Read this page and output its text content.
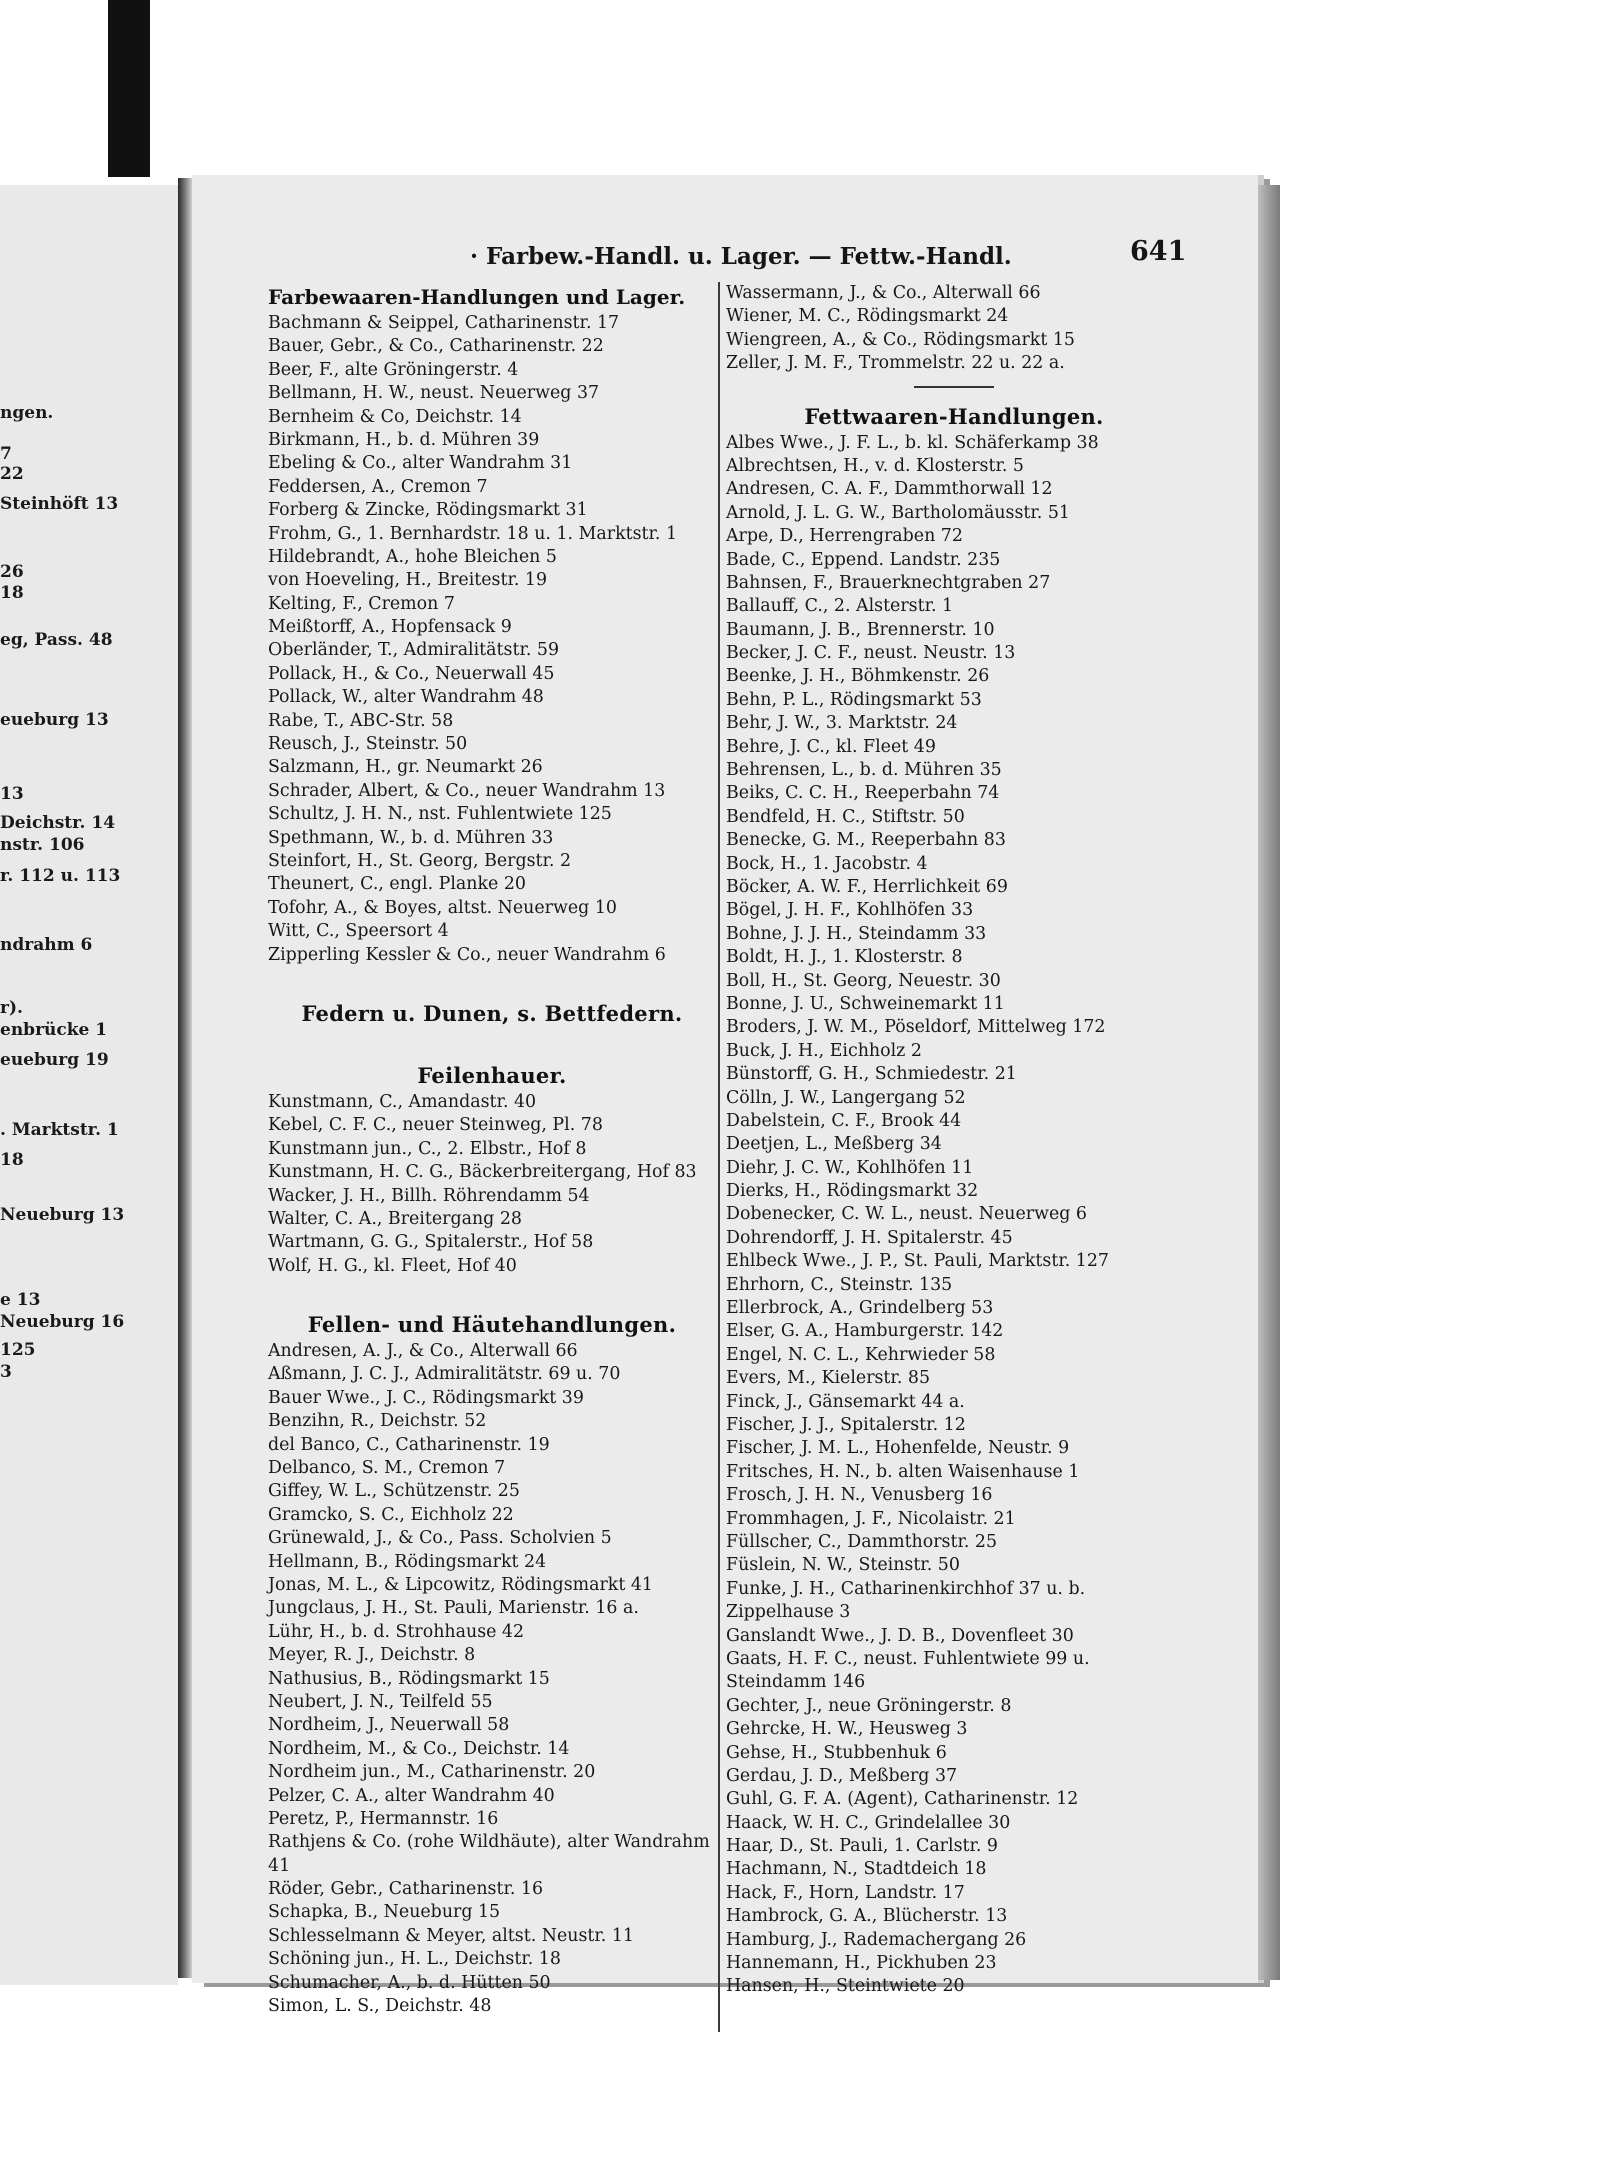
ngen.
7
22
Steinhöft 13
26
18
eg, Pass. 48
eueburg 13
13
Deichstr. 14
nstr. 106
r. 112 u. 113
ndrahm 6
r).
enbrücke 1
eueburg 19
. Marktstr. 1
18
Neueburg 13
e 13
Neueburg 16
125
3
· Farbew.-Handl. u. Lager. — Fettw.-Handl.	641
Farbewaaren-Handlungen und Lager.
Bachmann & Seippel, Catharinenstr. 17
Bauer, Gebr., & Co., Catharinenstr. 22
Beer, F., alte Gröningerstr. 4
Bellmann, H. W., neust. Neuerweg 37
Bernheim & Co, Deichstr. 14
Birkmann, H., b. d. Mühren 39
Ebeling & Co., alter Wandrahm 31
Feddersen, A., Cremon 7
Forberg & Zincke, Rödingsmarkt 31
Frohm, G., 1. Bernhardstr. 18 u. 1. Marktstr. 1
Hildebrandt, A., hohe Bleichen 5
von Hoeveling, H., Breitestr. 19
Kelting, F., Cremon 7
Meißtorff, A., Hopfensack 9
Oberländer, T., Admiralitätstr. 59
Pollack, H., & Co., Neuerwall 45
Pollack, W., alter Wandrahm 48
Rabe, T., ABC-Str. 58
Reusch, J., Steinstr. 50
Salzmann, H., gr. Neumarkt 26
Schrader, Albert, & Co., neuer Wandrahm 13
Schultz, J. H. N., nst. Fuhlentwiete 125
Spethmann, W., b. d. Mühren 33
Steinfort, H., St. Georg, Bergstr. 2
Theunert, C., engl. Planke 20
Tofohr, A., & Boyes, altst. Neuerweg 10
Witt, C., Speersort 4
Zipperling Kessler & Co., neuer Wandrahm 6
Federn u. Dunen, s. Bettfedern.
Feilenhauer.
Kunstmann, C., Amandastr. 40
Kebel, C. F. C., neuer Steinweg, Pl. 78
Kunstmann jun., C., 2. Elbstr., Hof 8
Kunstmann, H. C. G., Bäckerbreitergang, Hof 83
Wacker, J. H., Billh. Röhrendamm 54
Walter, C. A., Breitergang 28
Wartmann, G. G., Spitalerstr., Hof 58
Wolf, H. G., kl. Fleet, Hof 40
Fellen- und Häutehandlungen.
Andresen, A. J., & Co., Alterwall 66
Aßmann, J. C. J., Admiralitätstr. 69 u. 70
Bauer Wwe., J. C., Rödingsmarkt 39
Benzihn, R., Deichstr. 52
del Banco, C., Catharinenstr. 19
Delbanco, S. M., Cremon 7
Giffey, W. L., Schützenstr. 25
Gramcko, S. C., Eichholz 22
Grünewald, J., & Co., Pass. Scholvien 5
Hellmann, B., Rödingsmarkt 24
Jonas, M. L., & Lipcowitz, Rödingsmarkt 41
Jungclaus, J. H., St. Pauli, Marienstr. 16 a.
Lühr, H., b. d. Strohhause 42
Meyer, R. J., Deichstr. 8
Nathusius, B., Rödingsmarkt 15
Neubert, J. N., Teilfeld 55
Nordheim, J., Neuerwall 58
Nordheim, M., & Co., Deichstr. 14
Nordheim jun., M., Catharinenstr. 20
Pelzer, C. A., alter Wandrahm 40
Peretz, P., Hermannstr. 16
Rathjens & Co. (rohe Wildhäute), alter Wandrahm 41
Röder, Gebr., Catharinenstr. 16
Schapka, B., Neueburg 15
Schlesselmann & Meyer, altst. Neustr. 11
Schöning jun., H. L., Deichstr. 18
Schumacher, A., b. d. Hütten 50
Simon, L. S., Deichstr. 48
Wassermann, J., & Co., Alterwall 66
Wiener, M. C., Rödingsmarkt 24
Wiengreen, A., & Co., Rödingsmarkt 15
Zeller, J. M. F., Trommelstr. 22 u. 22 a.
Fettwaaren-Handlungen.
Albes Wwe., J. F. L., b. kl. Schäferkamp 38
Albrechtsen, H., v. d. Klosterstr. 5
Andresen, C. A. F., Dammthorwall 12
Arnold, J. L. G. W., Bartholomäusstr. 51
Arpe, D., Herrengraben 72
Bade, C., Eppend. Landstr. 235
Bahnsen, F., Brauerknechtgraben 27
Ballauff, C., 2. Alsterstr. 1
Baumann, J. B., Brennerstr. 10
Becker, J. C. F., neust. Neustr. 13
Beenke, J. H., Böhmkenstr. 26
Behn, P. L., Rödingsmarkt 53
Behr, J. W., 3. Marktstr. 24
Behre, J. C., kl. Fleet 49
Behrensen, L., b. d. Mühren 35
Beiks, C. C. H., Reeperbahn 74
Bendfeld, H. C., Stiftstr. 50
Benecke, G. M., Reeperbahn 83
Bock, H., 1. Jacobstr. 4
Böcker, A. W. F., Herrlichkeit 69
Bögel, J. H. F., Kohlhöfen 33
Bohne, J. J. H., Steindamm 33
Boldt, H. J., 1. Klosterstr. 8
Boll, H., St. Georg, Neuestr. 30
Bonne, J. U., Schweinemarkt 11
Broders, J. W. M., Pöseldorf, Mittelweg 172
Buck, J. H., Eichholz 2
Bünstorff, G. H., Schmiedestr. 21
Cölln, J. W., Langergang 52
Dabelstein, C. F., Brook 44
Deetjen, L., Meßberg 34
Diehr, J. C. W., Kohlhöfen 11
Dierks, H., Rödingsmarkt 32
Dobenecker, C. W. L., neust. Neuerweg 6
Dohrendorff, J. H. Spitalerstr. 45
Ehlbeck Wwe., J. P., St. Pauli, Marktstr. 127
Ehrhorn, C., Steinstr. 135
Ellerbrock, A., Grindelberg 53
Elser, G. A., Hamburgerstr. 142
Engel, N. C. L., Kehrwieder 58
Evers, M., Kielerstr. 85
Finck, J., Gänsemarkt 44 a.
Fischer, J. J., Spitalerstr. 12
Fischer, J. M. L., Hohenfelde, Neustr. 9
Fritsches, H. N., b. alten Waisenhause 1
Frosch, J. H. N., Venusberg 16
Frommhagen, J. F., Nicolaistr. 21
Füllscher, C., Dammthorstr. 25
Füslein, N. W., Steinstr. 50
Funke, J. H., Catharinenkirchhof 37 u. b. Zippelhause 3
Ganslandt Wwe., J. D. B., Dovenfleet 30
Gaats, H. F. C., neust. Fuhlentwiete 99 u. Steindamm 146
Gechter, J., neue Gröningerstr. 8
Gehrcke, H. W., Heusweg 3
Gehse, H., Stubbenhuk 6
Gerdau, J. D., Meßberg 37
Guhl, G. F. A. (Agent), Catharinenstr. 12
Haack, W. H. C., Grindelallee 30
Haar, D., St. Pauli, 1. Carlstr. 9
Hachmann, N., Stadtdeich 18
Hack, F., Horn, Landstr. 17
Hambrock, G. A., Blücherstr. 13
Hamburg, J., Rademachergang 26
Hannemann, H., Pickhuben 23
Hansen, H., Steintwiete 20
